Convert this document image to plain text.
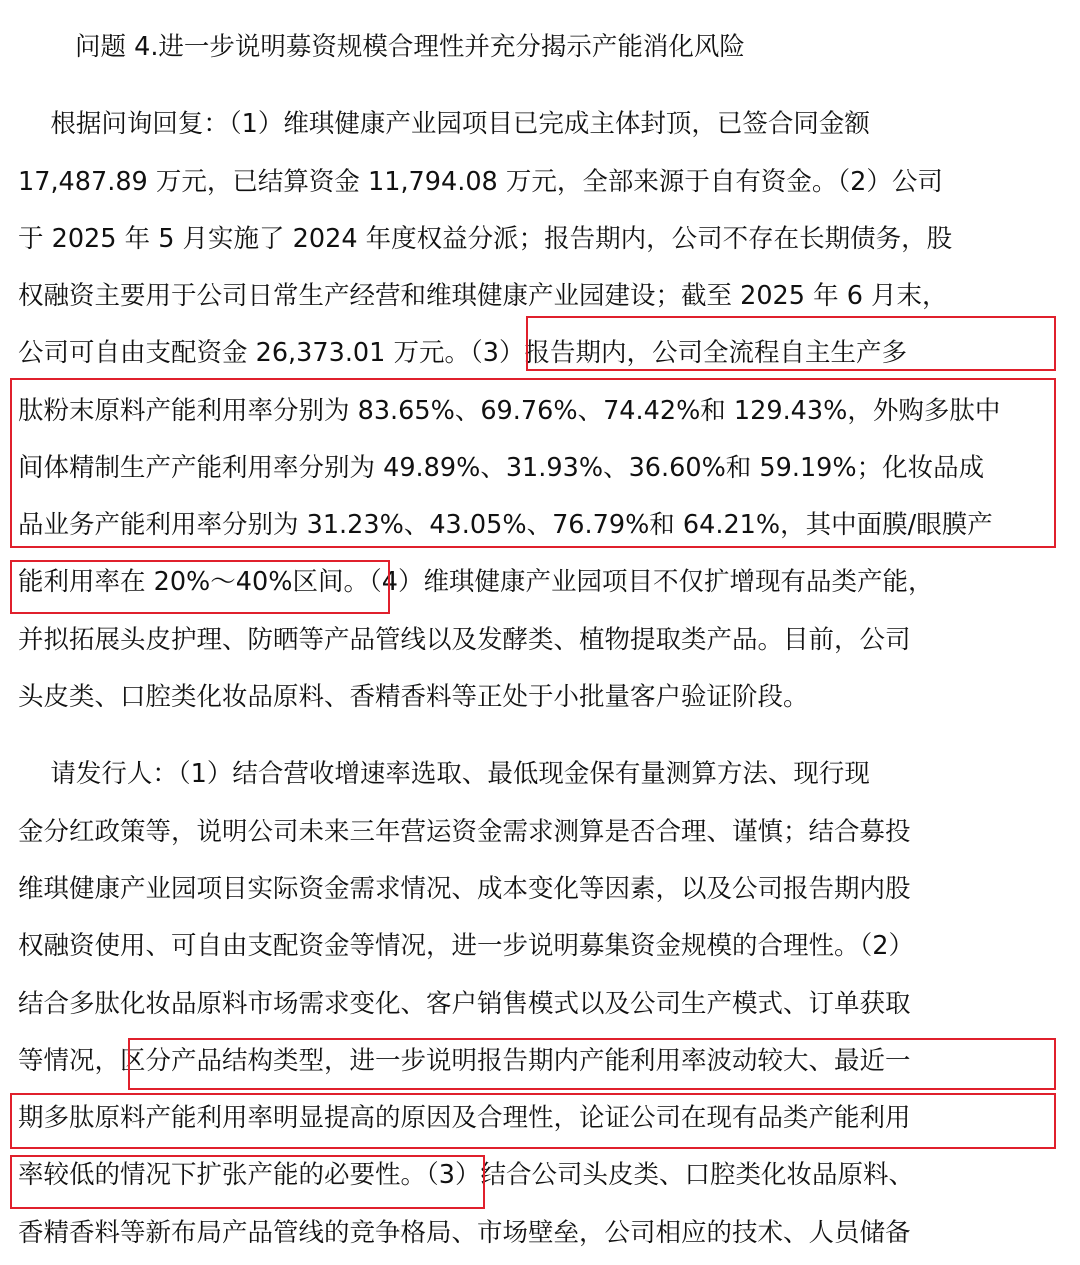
问题 4.进一步说明募资规模合理性并充分揭示产能消化风险
根据问询回复：（1）维琪健康产业园项目已完成主体封顶，已签合同金额
17,487.89 万元，已结算资金 11,794.08 万元，全部来源于自有资金。（2）公司
于 2025 年 5 月实施了 2024 年度权益分派；报告期内，公司不存在长期债务，股
权融资主要用于公司日常生产经营和维琪健康产业园建设；截至 2025 年 6 月末，
公司可自由支配资金 26,373.01 万元。（3）报告期内，公司全流程自主生产多
肽粉末原料产能利用率分别为 83.65%、69.76%、74.42%和 129.43%，外购多肽中
间体精制生产产能利用率分别为 49.89%、31.93%、36.60%和 59.19%；化妆品成
品业务产能利用率分别为 31.23%、43.05%、76.79%和 64.21%，其中面膜/眼膜产
能利用率在 20%～40%区间。（4）维琪健康产业园项目不仅扩增现有品类产能，
并拟拓展头皮护理、防晒等产品管线以及发酵类、植物提取类产品。目前，公司
头皮类、口腔类化妆品原料、香精香料等正处于小批量客户验证阶段。
请发行人：（1）结合营收增速率选取、最低现金保有量测算方法、现行现
金分红政策等，说明公司未来三年营运资金需求测算是否合理、谨慎；结合募投
维琪健康产业园项目实际资金需求情况、成本变化等因素，以及公司报告期内股
权融资使用、可自由支配资金等情况，进一步说明募集资金规模的合理性。（2）
结合多肽化妆品原料市场需求变化、客户销售模式以及公司生产模式、订单获取
等情况，区分产品结构类型，进一步说明报告期内产能利用率波动较大、最近一
期多肽原料产能利用率明显提高的原因及合理性，论证公司在现有品类产能利用
率较低的情况下扩张产能的必要性。（3）结合公司头皮类、口腔类化妆品原料、
香精香料等新布局产品管线的竞争格局、市场壁垒，公司相应的技术、人员储备
